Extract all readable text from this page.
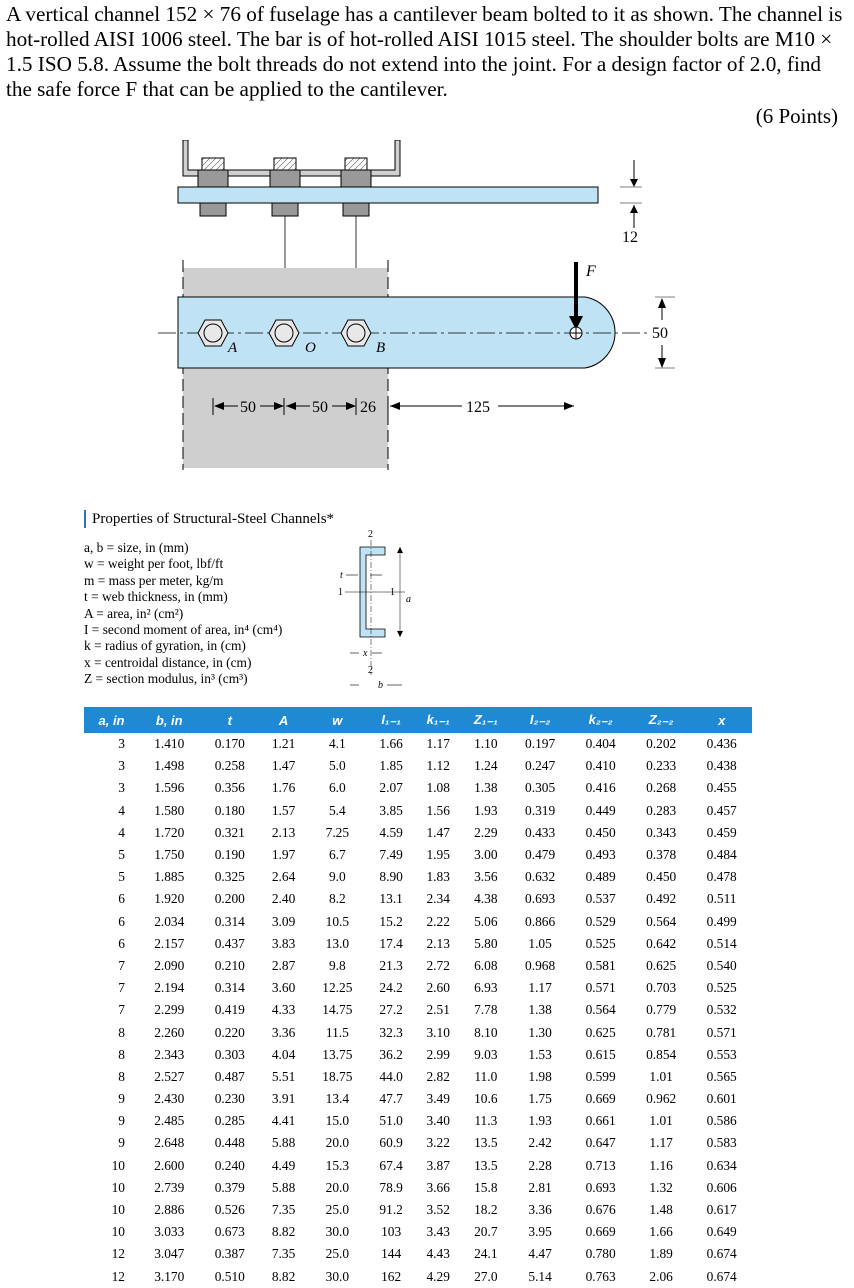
A vertical channel 152 × 76 of fuselage has a cantilever beam bolted to it as shown. The channel is hot-rolled AISI 1006 steel. The bar is of hot-rolled AISI 1015 steel. The shoulder bolts are M10 × 1.5 ISO 5.8. Assume the bolt threads do not extend into the joint. For a design factor of 2.0, find the safe force F that can be applied to the cantilever.
(6 Points)
12
A	O	B
F
50
50	50 26	125
Properties of Structural-Steel Channels*
a, b = size, in (mm)
w = weight per foot, lbf/ft
m = mass per meter, kg/m
t = web thickness, in (mm)
A = area, in² (cm²)
I = second moment of area, in⁴ (cm⁴)
k = radius of gyration, in (cm)
x = centroidal distance, in (cm)
Z = section modulus, in³ (cm³)
2
2
t
1	1
a
x
b
a, in	b, in	t	A	w	I₁₋₁	k₁₋₁	Z₁₋₁	I₂₋₂	k₂₋₂	Z₂₋₂	x
3	1.410	0.170	1.21	4.1	1.66	1.17	1.10	0.197	0.404	0.202	0.436
3	1.498	0.258	1.47	5.0	1.85	1.12	1.24	0.247	0.410	0.233	0.438
3	1.596	0.356	1.76	6.0	2.07	1.08	1.38	0.305	0.416	0.268	0.455
4	1.580	0.180	1.57	5.4	3.85	1.56	1.93	0.319	0.449	0.283	0.457
4	1.720	0.321	2.13	7.25	4.59	1.47	2.29	0.433	0.450	0.343	0.459
5	1.750	0.190	1.97	6.7	7.49	1.95	3.00	0.479	0.493	0.378	0.484
5	1.885	0.325	2.64	9.0	8.90	1.83	3.56	0.632	0.489	0.450	0.478
6	1.920	0.200	2.40	8.2	13.1	2.34	4.38	0.693	0.537	0.492	0.511
6	2.034	0.314	3.09	10.5	15.2	2.22	5.06	0.866	0.529	0.564	0.499
6	2.157	0.437	3.83	13.0	17.4	2.13	5.80	1.05	0.525	0.642	0.514
7	2.090	0.210	2.87	9.8	21.3	2.72	6.08	0.968	0.581	0.625	0.540
7	2.194	0.314	3.60	12.25	24.2	2.60	6.93	1.17	0.571	0.703	0.525
7	2.299	0.419	4.33	14.75	27.2	2.51	7.78	1.38	0.564	0.779	0.532
8	2.260	0.220	3.36	11.5	32.3	3.10	8.10	1.30	0.625	0.781	0.571
8	2.343	0.303	4.04	13.75	36.2	2.99	9.03	1.53	0.615	0.854	0.553
8	2.527	0.487	5.51	18.75	44.0	2.82	11.0	1.98	0.599	1.01	0.565
9	2.430	0.230	3.91	13.4	47.7	3.49	10.6	1.75	0.669	0.962	0.601
9	2.485	0.285	4.41	15.0	51.0	3.40	11.3	1.93	0.661	1.01	0.586
9	2.648	0.448	5.88	20.0	60.9	3.22	13.5	2.42	0.647	1.17	0.583
10	2.600	0.240	4.49	15.3	67.4	3.87	13.5	2.28	0.713	1.16	0.634
10	2.739	0.379	5.88	20.0	78.9	3.66	15.8	2.81	0.693	1.32	0.606
10	2.886	0.526	7.35	25.0	91.2	3.52	18.2	3.36	0.676	1.48	0.617
10	3.033	0.673	8.82	30.0	103	3.43	20.7	3.95	0.669	1.66	0.649
12	3.047	0.387	7.35	25.0	144	4.43	24.1	4.47	0.780	1.89	0.674
12	3.170	0.510	8.82	30.0	162	4.29	27.0	5.14	0.763	2.06	0.674
